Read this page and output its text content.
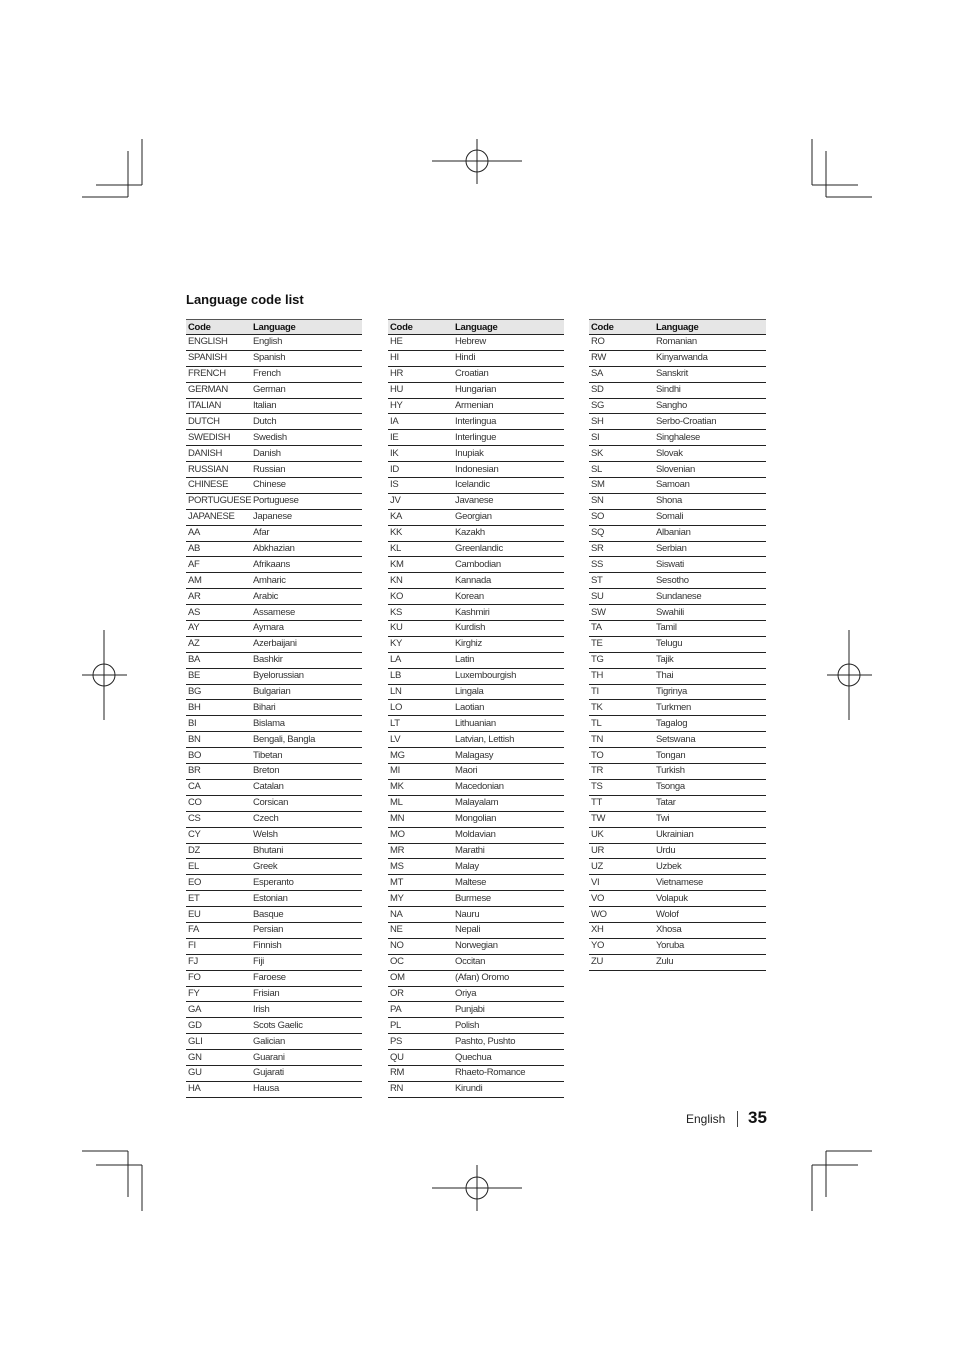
Language code list
Code	Language
ENGLISH	English
SPANISH	Spanish
FRENCH	French
GERMAN	German
ITALIAN	Italian
DUTCH	Dutch
SWEDISH	Swedish
DANISH	Danish
RUSSIAN	Russian
CHINESE	Chinese
PORTUGUESE	Portuguese
JAPANESE	Japanese
AA	Afar
AB	Abkhazian
AF	Afrikaans
AM	Amharic
AR	Arabic
AS	Assamese
AY	Aymara
AZ	Azerbaijani
BA	Bashkir
BE	Byelorussian
BG	Bulgarian
BH	Bihari
BI	Bislama
BN	Bengali, Bangla
BO	Tibetan
BR	Breton
CA	Catalan
CO	Corsican
CS	Czech
CY	Welsh
DZ	Bhutani
EL	Greek
EO	Esperanto
ET	Estonian
EU	Basque
FA	Persian
FI	Finnish
FJ	Fiji
FO	Faroese
FY	Frisian
GA	Irish
GD	Scots Gaelic
GLI	Galician
GN	Guarani
GU	Gujarati
HA	Hausa
Code	Language
HE	Hebrew
HI	Hindi
HR	Croatian
HU	Hungarian
HY	Armenian
IA	Interlingua
IE	Interlingue
IK	Inupiak
ID	Indonesian
IS	Icelandic
JV	Javanese
KA	Georgian
KK	Kazakh
KL	Greenlandic
KM	Cambodian
KN	Kannada
KO	Korean
KS	Kashmiri
KU	Kurdish
KY	Kirghiz
LA	Latin
LB	Luxembourgish
LN	Lingala
LO	Laotian
LT	Lithuanian
LV	Latvian, Lettish
MG	Malagasy
MI	Maori
MK	Macedonian
ML	Malayalam
MN	Mongolian
MO	Moldavian
MR	Marathi
MS	Malay
MT	Maltese
MY	Burmese
NA	Nauru
NE	Nepali
NO	Norwegian
OC	Occitan
OM	(Afan) Oromo
OR	Oriya
PA	Punjabi
PL	Polish
PS	Pashto, Pushto
QU	Quechua
RM	Rhaeto-Romance
RN	Kirundi
Code	Language
RO	Romanian
RW	Kinyarwanda
SA	Sanskrit
SD	Sindhi
SG	Sangho
SH	Serbo-Croatian
SI	Singhalese
SK	Slovak
SL	Slovenian
SM	Samoan
SN	Shona
SO	Somali
SQ	Albanian
SR	Serbian
SS	Siswati
ST	Sesotho
SU	Sundanese
SW	Swahili
TA	Tamil
TE	Telugu
TG	Tajik
TH	Thai
TI	Tigrinya
TK	Turkmen
TL	Tagalog
TN	Setswana
TO	Tongan
TR	Turkish
TS	Tsonga
TT	Tatar
TW	Twi
UK	Ukrainian
UR	Urdu
UZ	Uzbek
VI	Vietnamese
VO	Volapuk
WO	Wolof
XH	Xhosa
YO	Yoruba
ZU	Zulu
English 35
